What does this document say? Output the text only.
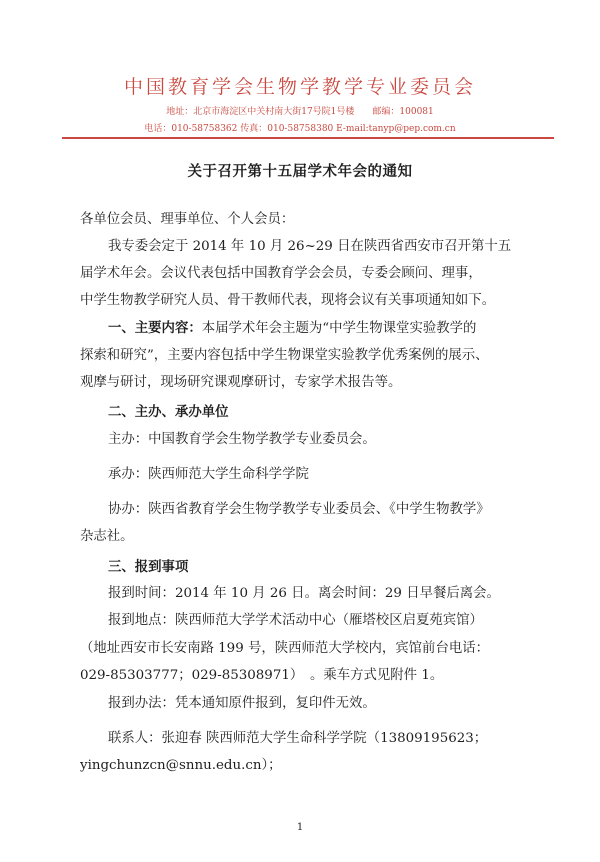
中国教育学会生物学教学专业委员会
地址：北京市海淀区中关村南大街17号院1号楼　　邮编：100081
电话：010-58758362 传真：010-58758380 E-mail:tanyp@pep.com.cn
关于召开第十五届学术年会的通知
各单位会员、理事单位、个人会员：
我专委会定于 2014 年 10 月 26~29 日在陕西省西安市召开第十五
届学术年会。会议代表包括中国教育学会会员，专委会顾问、理事，
中学生物教学研究人员、骨干教师代表，现将会议有关事项通知如下。
一、主要内容：本届学术年会主题为“中学生物课堂实验教学的
探索和研究”，主要内容包括中学生物课堂实验教学优秀案例的展示、
观摩与研讨，现场研究课观摩研讨，专家学术报告等。
二、主办、承办单位
主办：中国教育学会生物学教学专业委员会。
承办：陕西师范大学生命科学学院
协办：陕西省教育学会生物学教学专业委员会、《中学生物教学》
杂志社。
三、报到事项
报到时间：2014 年 10 月 26 日。离会时间：29 日早餐后离会。
报到地点：陕西师范大学学术活动中心（雁塔校区启夏苑宾馆）
（地址西安市长安南路 199 号，陕西师范大学校内，宾馆前台电话：
029-85303777；029-85308971）　。乘车方式见附件 1。
报到办法：凭本通知原件报到，复印件无效。
联系人：张迎春 陕西师范大学生命科学学院（13809195623；
yingchunzcn@snnu.edu.cn）；
1
